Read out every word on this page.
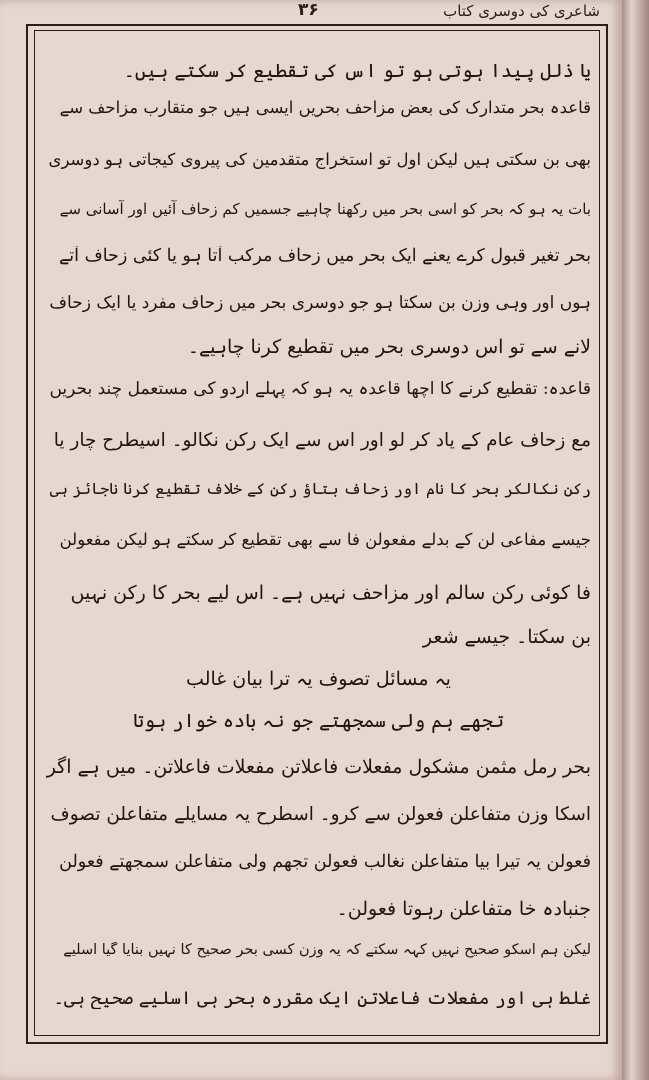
۳۶	شاعری کی دوسری کتاب
یا ذلل پیدا ہوتی ہو تو اس کی تقطیع کر سکتے ہیں۔
قاعدہ بحر متدارک کی بعض مزاحف بحریں ایسی ہیں جو متقارب مزاحف سے
بھی بن سکتی ہیں لیکن اول تو استخراج متقدمین کی پیروی کیجاتی ہو دوسری
بات یہ ہو کہ بحر کو اسی بحر میں رکھنا چاہیے جسمیں کم زحاف آئیں اور آسانی سے
بحر تغیر قبول کرے یعنے ایک بحر میں زحاف مرکب آتا ہو یا کئی زحاف آتے
ہوں اور وہی وزن بن سکتا ہو جو دوسری بحر میں زحاف مفرد یا ایک زحاف
لانے سے تو اس دوسری بحر میں تقطیع کرنا چاہیے۔
قاعدہ: تقطیع کرنے کا اچھا قاعدہ یہ ہو کہ پہلے اردو کی مستعمل چند بحریں
مع زحاف عام کے یاد کر لو اور اس سے ایک رکن نکالو۔ اسیطرح چار یا
رکن نکالکر بحر کا نام اور زحاف بتاؤ رکن کے خلاف تقطیع کرنا ناجائز ہی
جیسے مفاعی لن کے بدلے مفعولن فا سے بھی تقطیع کر سکتے ہو لیکن مفعولن
فا کوئی رکن سالم اور مزاحف نہیں ہے۔ اس لیے بحر کا رکن نہیں
بن سکتا۔ جیسے شعر
یہ مسائل تصوف یہ ترا بیان غالب
تجھے ہم ولی سمجھتے جو نہ بادہ خوار ہوتا
بحر رمل مثمن مشکول مفعلات فاعلاتن مفعلات فاعلاتن۔ میں ہے اگر
اسکا وزن متفاعلن فعولن سے کرو۔ اسطرح یہ مسایلے متفاعلن تصوف
فعولن یہ تیرا بیا متفاعلن نغالب فعولن تجھم ولی متفاعلن سمجھتے فعولن
جنبادہ خا متفاعلن رہوتا فعولن۔
لیکن ہم اسکو صحیح نہیں کہہ سکتے کہ یہ وزن کسی بحر صحیح کا نہیں بنایا گیا اسلیے
غلط ہی اور مفعلات فاعلاتن ایک مقررہ بحر ہی اسلیے صحیح ہی۔
